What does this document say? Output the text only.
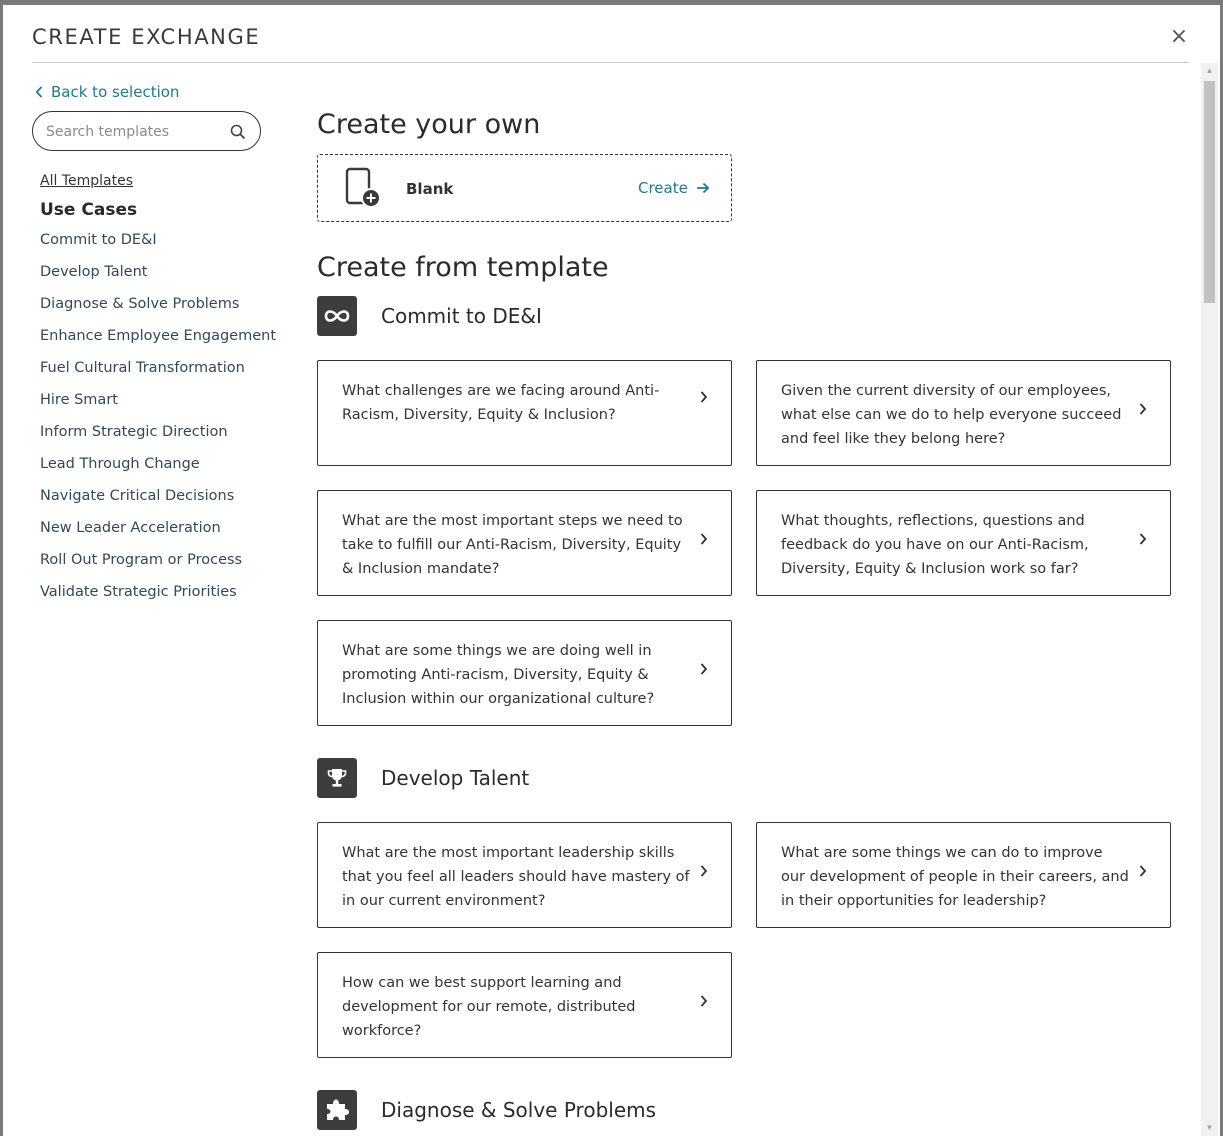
CREATE EXCHANGE	×
Back to selection
Search templates
All Templates
Use Cases
Commit to DE&I
Develop Talent
Diagnose & Solve Problems
Enhance Employee Engagement
Fuel Cultural Transformation
Hire Smart
Inform Strategic Direction
Lead Through Change
Navigate Critical Decisions
New Leader Acceleration
Roll Out Program or Process
Validate Strategic Priorities
Create your own
Blank	Create
Create from template
Commit to DE&I
What challenges are we facing around Anti-Racism, Diversity, Equity & Inclusion?
Given the current diversity of our employees, what else can we do to help everyone succeed and feel like they belong here?
What are the most important steps we need to take to fulfill our Anti-Racism, Diversity, Equity & Inclusion mandate?
What thoughts, reflections, questions and feedback do you have on our Anti-Racism, Diversity, Equity & Inclusion work so far?
What are some things we are doing well in promoting Anti-racism, Diversity, Equity & Inclusion within our organizational culture?
Develop Talent
What are the most important leadership skills that you feel all leaders should have mastery of in our current environment?
What are some things we can do to improve our development of people in their careers, and in their opportunities for leadership?
How can we best support learning and development for our remote, distributed workforce?
Diagnose & Solve Problems
▲
▼
